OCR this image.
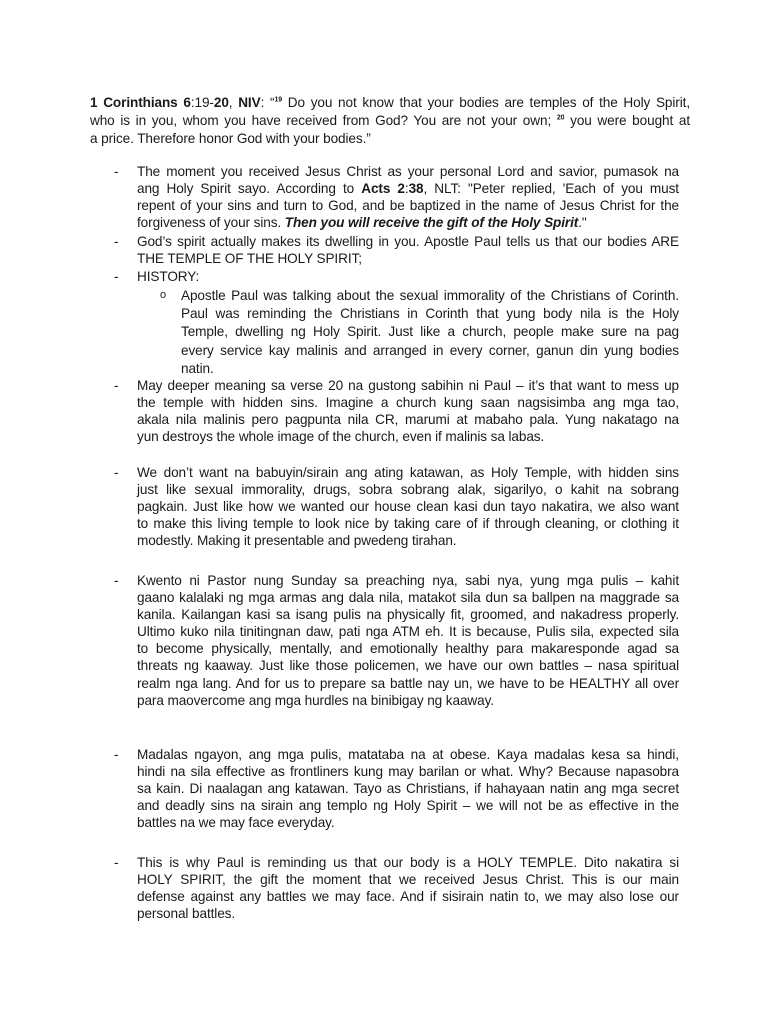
1 Corinthians 6:19-20, NIV: “$^{19}$ Do you not know that your bodies are temples of the Holy Spirit,
who is in you, whom you have received from God? You are not your own; $^{20}$ you were bought at
a price. Therefore honor God with your bodies.”
- The moment you received Jesus Christ as your personal Lord and savior, pumasok na
ang Holy Spirit sayo. According to Acts 2:38, NLT: "Peter replied, 'Each of you must
repent of your sins and turn to God, and be baptized in the name of Jesus Christ for the
forgiveness of your sins. Then you will receive the gift of the Holy Spirit."
- God’s spirit actually makes its dwelling in you. Apostle Paul tells us that our bodies ARE
THE TEMPLE OF THE HOLY SPIRIT;
- HISTORY:
o Apostle Paul was talking about the sexual immorality of the Christians of Corinth.
Paul was reminding the Christians in Corinth that yung body nila is the Holy
Temple, dwelling ng Holy Spirit. Just like a church, people make sure na pag
every service kay malinis and arranged in every corner, ganun din yung bodies
natin.
- May deeper meaning sa verse 20 na gustong sabihin ni Paul – it’s that want to mess up
the temple with hidden sins. Imagine a church kung saan nagsisimba ang mga tao,
akala nila malinis pero pagpunta nila CR, marumi at mabaho pala. Yung nakatago na
yun destroys the whole image of the church, even if malinis sa labas.
- We don’t want na babuyin/sirain ang ating katawan, as Holy Temple, with hidden sins
just like sexual immorality, drugs, sobra sobrang alak, sigarilyo, o kahit na sobrang
pagkain. Just like how we wanted our house clean kasi dun tayo nakatira, we also want
to make this living temple to look nice by taking care of if through cleaning, or clothing it
modestly. Making it presentable and pwedeng tirahan.
- Kwento ni Pastor nung Sunday sa preaching nya, sabi nya, yung mga pulis – kahit
gaano kalalaki ng mga armas ang dala nila, matakot sila dun sa ballpen na maggrade sa
kanila. Kailangan kasi sa isang pulis na physically fit, groomed, and nakadress properly.
Ultimo kuko nila tinitingnan daw, pati nga ATM eh. It is because, Pulis sila, expected sila
to become physically, mentally, and emotionally healthy para makaresponde agad sa
threats ng kaaway. Just like those policemen, we have our own battles – nasa spiritual
realm nga lang. And for us to prepare sa battle nay un, we have to be HEALTHY all over
para maovercome ang mga hurdles na binibigay ng kaaway.
- Madalas ngayon, ang mga pulis, matataba na at obese. Kaya madalas kesa sa hindi,
hindi na sila effective as frontliners kung may barilan or what. Why? Because napasobra
sa kain. Di naalagan ang katawan. Tayo as Christians, if hahayaan natin ang mga secret
and deadly sins na sirain ang templo ng Holy Spirit – we will not be as effective in the
battles na we may face everyday.
- This is why Paul is reminding us that our body is a HOLY TEMPLE. Dito nakatira si
HOLY SPIRIT, the gift the moment that we received Jesus Christ. This is our main
defense against any battles we may face. And if sisirain natin to, we may also lose our
personal battles.
